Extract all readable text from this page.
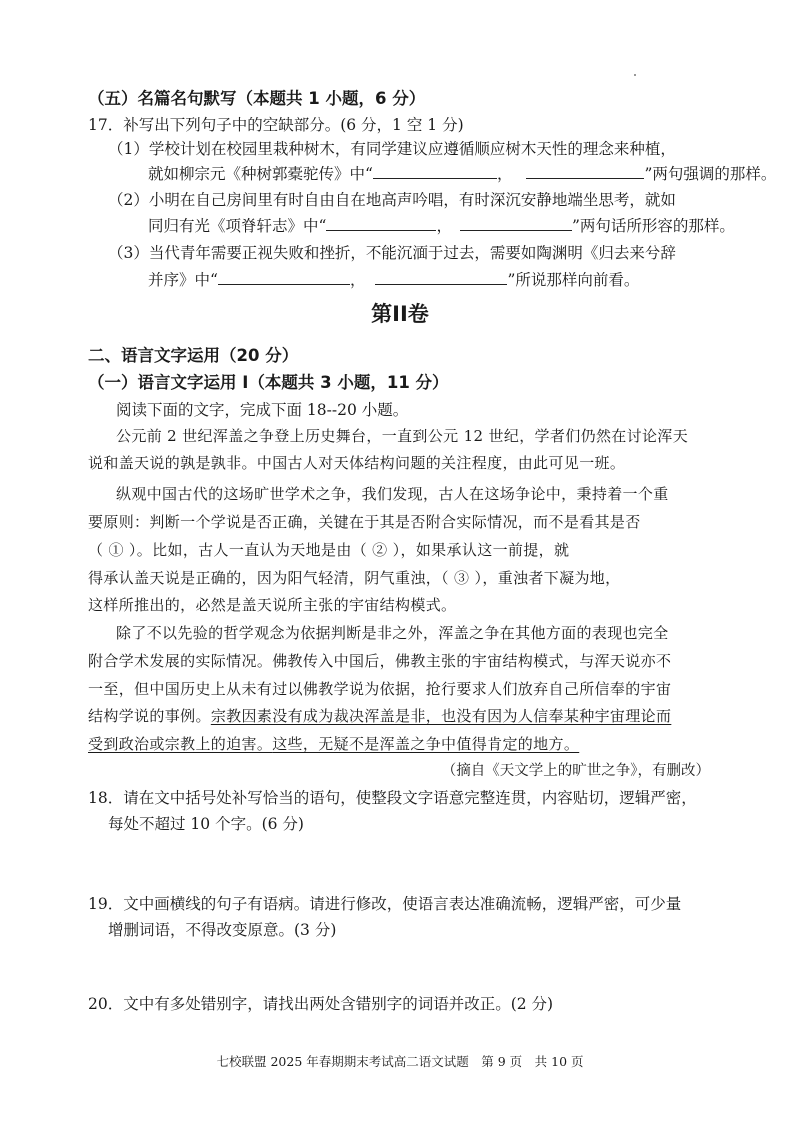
（五）名篇名句默写（本题共 1 小题，6 分）
17．补写出下列句子中的空缺部分。(6 分，1 空 1 分)
（1）学校计划在校园里栽种树木，有同学建议应遵循顺应树木天性的理念来种植，
就如柳宗元《种树郭橐驼传》中“	，	”两句强调的那样。
（2）小明在自己房间里有时自由自在地高声吟唱，有时深沉安静地端坐思考，就如
同归有光《项脊轩志》中“	，	”两句话所形容的那样。
（3）当代青年需要正视失败和挫折，不能沉湎于过去，需要如陶渊明《归去来兮辞
并序》中“	，	”所说那样向前看。
第II卷
二、语言文字运用（20 分）
（一）语言文字运用 I（本题共 3 小题，11 分）
阅读下面的文字，完成下面 18--20 小题。
公元前 2 世纪浑盖之争登上历史舞台，一直到公元 12 世纪，学者们仍然在讨论浑天
说和盖天说的孰是孰非。中国古人对天体结构问题的关注程度，由此可见一班。
纵观中国古代的这场旷世学术之争，我们发现，古人在这场争论中，秉持着一个重
要原则：判断一个学说是否正确，关键在于其是否附合实际情况，而不是看其是否
（ ① ）。比如，古人一直认为天地是由（ ② ），如果承认这一前提，就
得承认盖天说是正确的，因为阳气轻清，阴气重浊，（ ③ ），重浊者下凝为地，
这样所推出的，必然是盖天说所主张的宇宙结构模式。
除了不以先验的哲学观念为依据判断是非之外，浑盖之争在其他方面的表现也完全
附合学术发展的实际情况。佛教传入中国后，佛教主张的宇宙结构模式，与浑天说亦不
一至，但中国历史上从未有过以佛教学说为依据，抢行要求人们放弃自己所信奉的宇宙
结构学说的事例。宗教因素没有成为裁决浑盖是非，也没有因为人信奉某种宇宙理论而
受到政治或宗教上的迫害。这些，无疑不是浑盖之争中值得肯定的地方。
（摘自《天文学上的旷世之争》，有删改）
18．请在文中括号处补写恰当的语句，使整段文字语意完整连贯，内容贴切，逻辑严密，
每处不超过 10 个字。(6 分)
19．文中画横线的句子有语病。请进行修改，使语言表达准确流畅，逻辑严密，可少量
增删词语，不得改变原意。(3 分)
20．文中有多处错别字，请找出两处含错别字的词语并改正。(2 分)
七校联盟 2025 年春期期末考试高二语文试题　第 9 页　共 10 页
